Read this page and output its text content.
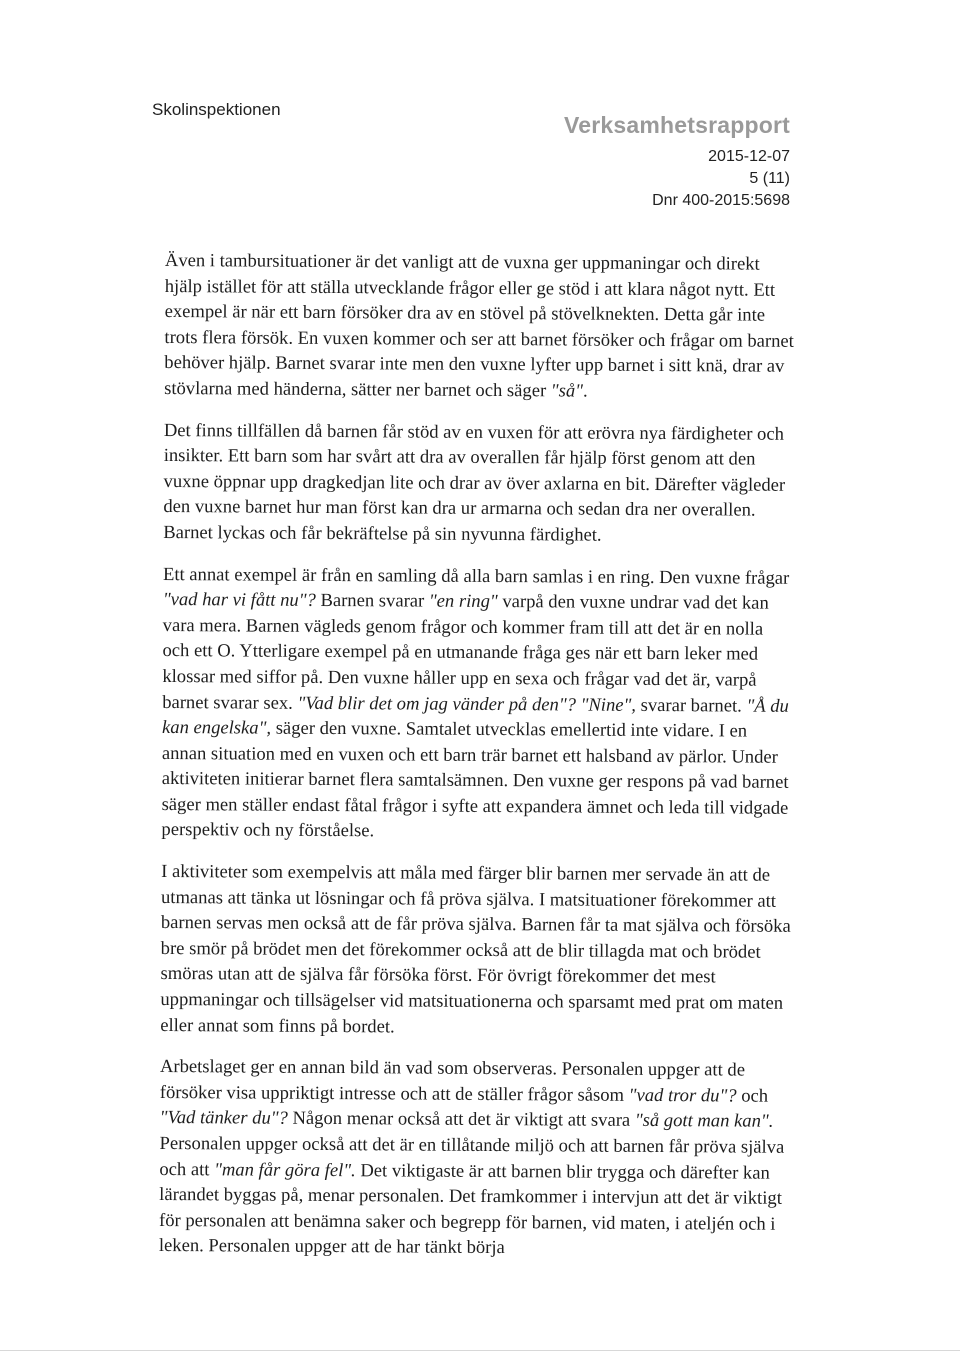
Skolinspektionen
Verksamhetsrapport
2015-12-07
5 (11)
Dnr 400-2015:5698

Även i tambursituationer är det vanligt att de vuxna ger uppmaningar och direkt hjälp istället för att ställa utvecklande frågor eller ge stöd i att klara något nytt. Ett exempel är när ett barn försöker dra av en stövel på stövelknekten. Detta går inte trots flera försök. En vuxen kommer och ser att barnet försöker och frågar om barnet behöver hjälp. Barnet svarar inte men den vuxne lyfter upp barnet i sitt knä, drar av stövlarna med händerna, sätter ner barnet och säger "så".

Det finns tillfällen då barnen får stöd av en vuxen för att erövra nya färdigheter och insikter. Ett barn som har svårt att dra av overallen får hjälp först genom att den vuxne öppnar upp dragkedjan lite och drar av över axlarna en bit. Därefter vägleder den vuxne barnet hur man först kan dra ur armarna och sedan dra ner overallen. Barnet lyckas och får bekräftelse på sin nyvunna färdighet.

Ett annat exempel är från en samling då alla barn samlas i en ring. Den vuxne frågar "vad har vi fått nu"? Barnen svarar "en ring" varpå den vuxne undrar vad det kan vara mera. Barnen vägleds genom frågor och kommer fram till att det är en nolla och ett O. Ytterligare exempel på en utmanande fråga ges när ett barn leker med klossar med siffor på. Den vuxne håller upp en sexa och frågar vad det är, varpå barnet svarar sex. "Vad blir det om jag vänder på den"? "Nine", svarar barnet. "Å du kan engelska", säger den vuxne. Samtalet utvecklas emellertid inte vidare. I en annan situation med en vuxen och ett barn trär barnet ett halsband av pärlor. Under aktiviteten initierar barnet flera samtalsämnen. Den vuxne ger respons på vad barnet säger men ställer endast fåtal frågor i syfte att expandera ämnet och leda till vidgade perspektiv och ny förståelse.

I aktiviteter som exempelvis att måla med färger blir barnen mer servade än att de utmanas att tänka ut lösningar och få pröva själva. I matsituationer förekommer att barnen servas men också att de får pröva själva. Barnen får ta mat själva och försöka bre smör på brödet men det förekommer också att de blir tillagda mat och brödet smöras utan att de själva får försöka först. För övrigt förekommer det mest uppmaningar och tillsägelser vid matsituationerna och sparsamt med prat om maten eller annat som finns på bordet.

Arbetslaget ger en annan bild än vad som observeras. Personalen uppger att de försöker visa uppriktigt intresse och att de ställer frågor såsom "vad tror du"? och "Vad tänker du"? Någon menar också att det är viktigt att svara "så gott man kan". Personalen uppger också att det är en tillåtande miljö och att barnen får pröva själva och att "man får göra fel". Det viktigaste är att barnen blir trygga och därefter kan lärandet byggas på, menar personalen. Det framkommer i intervjun att det är viktigt för personalen att benämna saker och begrepp för barnen, vid maten, i ateljén och i leken. Personalen uppger att de har tänkt börja
